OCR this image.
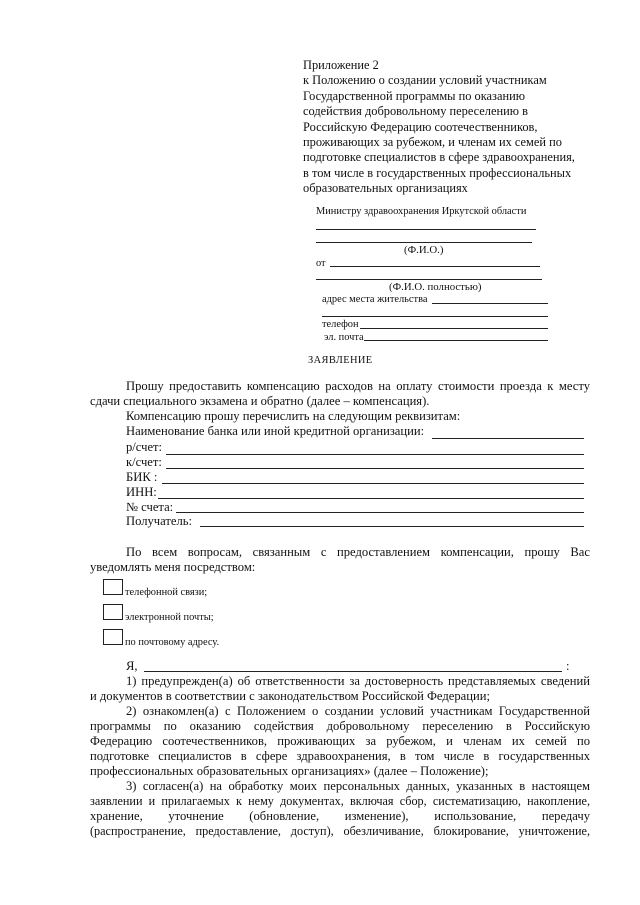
Приложение 2
к Положению о создании условий участникам
Государственной программы по оказанию
содействия добровольному переселению в
Российскую Федерацию соотечественников,
проживающих за рубежом, и членам их семей по
подготовке специалистов в сфере здравоохранения,
в том числе в государственных профессиональных
образовательных организациях
Министру здравоохранения Иркутской области
(Ф.И.О.)
от
(Ф.И.О. полностью)
адрес места жительства
телефон
эл. почта
ЗАЯВЛЕНИЕ
Прошу предоставить компенсацию расходов на оплату стоимости проезда к месту
сдачи специального экзамена и обратно (далее – компенсация).
Компенсацию прошу перечислить на следующим реквизитам:
Наименование банка или иной кредитной организации:
р/счет:
к/счет:
БИК :
ИНН:
№ счета:
Получатель:
По всем вопросам, связанным с предоставлением компенсации, прошу Вас
уведомлять меня посредством:
телефонной связи;
электронной почты;
по почтовому адресу.
Я,	:
1) предупрежден(а) об ответственности за достоверность представляемых сведений
и документов в соответствии с законодательством Российской Федерации;
2) ознакомлен(а) с Положением о создании условий участникам Государственной
программы по оказанию содействия добровольному переселению в Российскую
Федерацию соотечественников, проживающих за рубежом, и членам их семей по
подготовке специалистов в сфере здравоохранения, в том числе в государственных
профессиональных образовательных организациях» (далее – Положение);
3) согласен(а) на обработку моих персональных данных, указанных в настоящем
заявлении и прилагаемых к нему документах, включая сбор, систематизацию, накопление,
хранение, уточнение (обновление, изменение), использование, передачу
(распространение, предоставление, доступ), обезличивание, блокирование, уничтожение,
